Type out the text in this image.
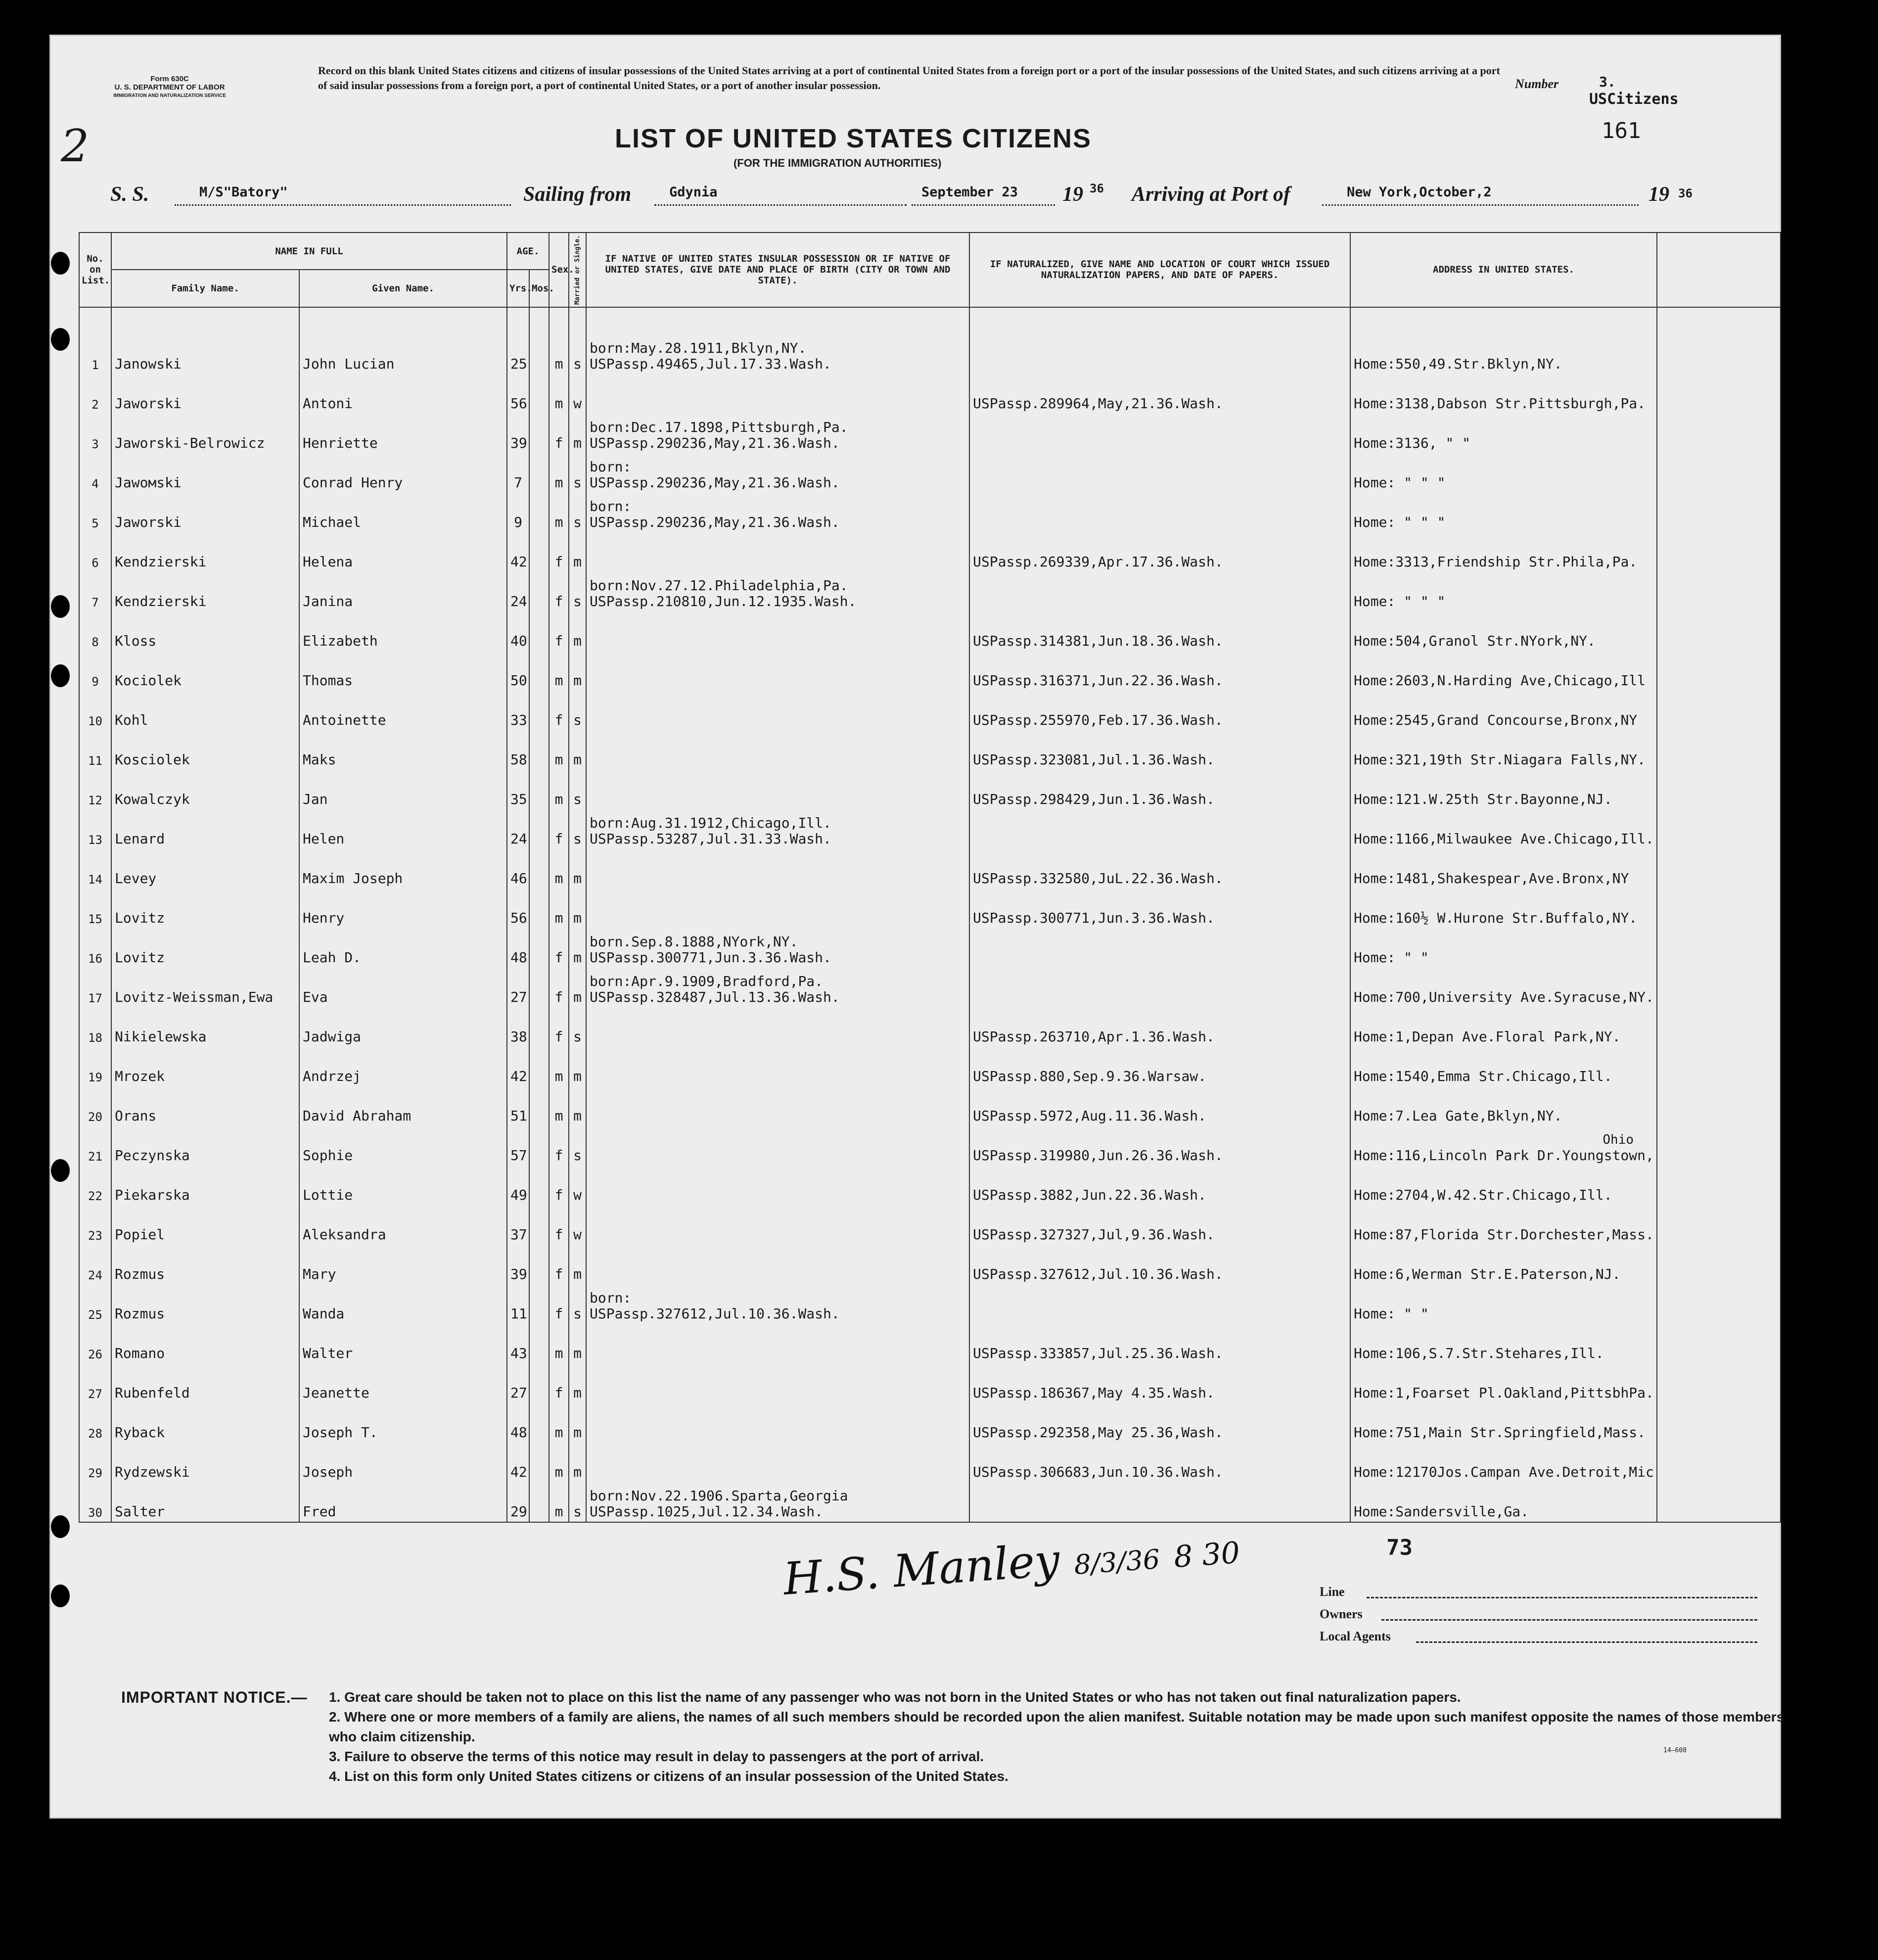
2
Form 630C
U. S. DEPARTMENT OF LABOR
IMMIGRATION AND NATURALIZATION SERVICE
Record on this blank United States citizens and citizens of insular possessions of the United States arriving at a port of continental United States from a foreign port or a port of the insular possessions of the United States, and such citizens arriving at a port of said insular possessions from a foreign port, a port of continental United States, or a port of another insular possession.	Number	3.
USCitizens
161
LIST OF UNITED STATES CITIZENS
(FOR THE IMMIGRATION AUTHORITIES)
S. S.	M/S"Batory"	Sailing from	Gdynia	September 23 19 36 Arriving at Port of	New York,October,2	19 36
No. on List.	NAME IN FULL		AGE.		Sex.	Married or Single.	IF NATIVE OF UNITED STATES INSULAR POSSESSION OR IF NATIVE OF UNITED STATES, GIVE DATE AND PLACE OF BIRTH (CITY OR TOWN AND STATE).	IF NATURALIZED, GIVE NAME AND LOCATION OF COURT WHICH ISSUED NATURALIZATION PAPERS, AND DATE OF PAPERS.	ADDRESS IN UNITED STATES.	
	Family Name.	Given Name.	Yrs.	Mos.						

1	Janowski	John Lucian	25		m	s	born:May.28.1911,Bklyn,NY.
USPassp.49465,Jul.17.33.Wash.		Home:550,49.Str.Bklyn,NY.	
2	Jaworski	Antoni	56		m	w		USPassp.289964,May,21.36.Wash.	Home:3138,Dabson Str.Pittsburgh,Pa.	
3	Jaworski-Belrowicz	Henriette	39		f	m	born:Dec.17.1898,Pittsburgh,Pa.
USPassp.290236,May,21.36.Wash.		Home:3136, " "	
4	Jawoмski	Conrad Henry	7		m	s	born:
USPassp.290236,May,21.36.Wash.		Home: " " "	
5	Jaworski	Michael	9		m	s	born:
USPassp.290236,May,21.36.Wash.		Home: " " "	
6	Kendzierski	Helena	42		f	m		USPassp.269339,Apr.17.36.Wash.	Home:3313,Friendship Str.Phila,Pa.	
7	Kendzierski	Janina	24		f	s	born:Nov.27.12.Philadelphia,Pa.
USPassp.210810,Jun.12.1935.Wash.		Home: " " "	
8	Kloss	Elizabeth	40		f	m		USPassp.314381,Jun.18.36.Wash.	Home:504,Granol Str.NYork,NY.	
9	Kociolek	Thomas	50		m	m		USPassp.316371,Jun.22.36.Wash.	Home:2603,N.Harding Ave,Chicago,Ill	
10	Kohl	Antoinette	33		f	s		USPassp.255970,Feb.17.36.Wash.	Home:2545,Grand Concourse,Bronx,NY	
11	Kosciolek	Maks	58		m	m		USPassp.323081,Jul.1.36.Wash.	Home:321,19th Str.Niagara Falls,NY.	
12	Kowalczyk	Jan	35		m	s		USPassp.298429,Jun.1.36.Wash.	Home:121.W.25th Str.Bayonne,NJ.	
13	Lenard	Helen	24		f	s	born:Aug.31.1912,Chicago,Ill.
USPassp.53287,Jul.31.33.Wash.		Home:1166,Milwaukee Ave.Chicago,Ill.	
14	Levey	Maxim Joseph	46		m	m		USPassp.332580,JuL.22.36.Wash.	Home:1481,Shakespear,Ave.Bronx,NY	
15	Lovitz	Henry	56		m	m		USPassp.300771,Jun.3.36.Wash.	Home:160½ W.Hurone Str.Buffalo,NY.	
16	Lovitz	Leah D.	48		f	m	born.Sep.8.1888,NYork,NY.
USPassp.300771,Jun.3.36.Wash.		Home: " "	
17	Lovitz-Weissman,Ewa	Eva	27		f	m	born:Apr.9.1909,Bradford,Pa.
USPassp.328487,Jul.13.36.Wash.		Home:700,University Ave.Syracuse,NY.	
18	Nikielewska	Jadwiga	38		f	s		USPassp.263710,Apr.1.36.Wash.	Home:1,Depan Ave.Floral Park,NY.	
19	Mrozek	Andrzej	42		m	m		USPassp.880,Sep.9.36.Warsaw.	Home:1540,Emma Str.Chicago,Ill.	
20	Orans	David Abraham	51		m	m		USPassp.5972,Aug.11.36.Wash.	Home:7.Lea Gate,Bklyn,NY.	
21	Peczynska	Sophie	57		f	s		USPassp.319980,Jun.26.36.Wash.	Ohio
Home:116,Lincoln Park Dr.Youngstown,	

22	Piekarska	Lottie	49		f	w		USPassp.3882,Jun.22.36.Wash.	Home:2704,W.42.Str.Chicago,Ill.	
23	Popiel	Aleksandra	37		f	w		USPassp.327327,Jul,9.36.Wash.	Home:87,Florida Str.Dorchester,Mass.	
24	Rozmus	Mary	39		f	m		USPassp.327612,Jul.10.36.Wash.	Home:6,Werman Str.E.Paterson,NJ.	
25	Rozmus	Wanda	11		f	s	born:
USPassp.327612,Jul.10.36.Wash.		Home: " "	
26	Romano	Walter	43		m	m		USPassp.333857,Jul.25.36.Wash.	Home:106,S.7.Str.Stehares,Ill.	
27	Rubenfeld	Jeanette	27		f	m		USPassp.186367,May 4.35.Wash.	Home:1,Foarset Pl.Oakland,PittsbhPa.	
28	Ryback	Joseph T.	48		m	m		USPassp.292358,May 25.36,Wash.	Home:751,Main Str.Springfield,Mass.	
29	Rydzewski	Joseph	42		m	m		USPassp.306683,Jun.10.36.Wash.	Home:12170Jos.Campan Ave.Detroit,Mic	
30	Salter	Fred	29		m	s	born:Nov.22.1906.Sparta,Georgia
USPassp.1025,Jul.12.34.Wash.		Home:Sandersville,Ga.	
H.S. Manley 8/3/36 8 30	73
Line
Owners
Local Agents
IMPORTANT NOTICE.— 1. Great care should be taken not to place on this list the name of any passenger who was not born in the United States or who has not taken out final naturalization papers.
2. Where one or more members of a family are aliens, the names of all such members should be recorded upon the alien manifest. Suitable notation may be made upon such manifest opposite the names of those members who claim citizenship.
3. Failure to observe the terms of this notice may result in delay to passengers at the port of arrival.
4. List on this form only United States citizens or citizens of an insular possession of the United States.
14—608
